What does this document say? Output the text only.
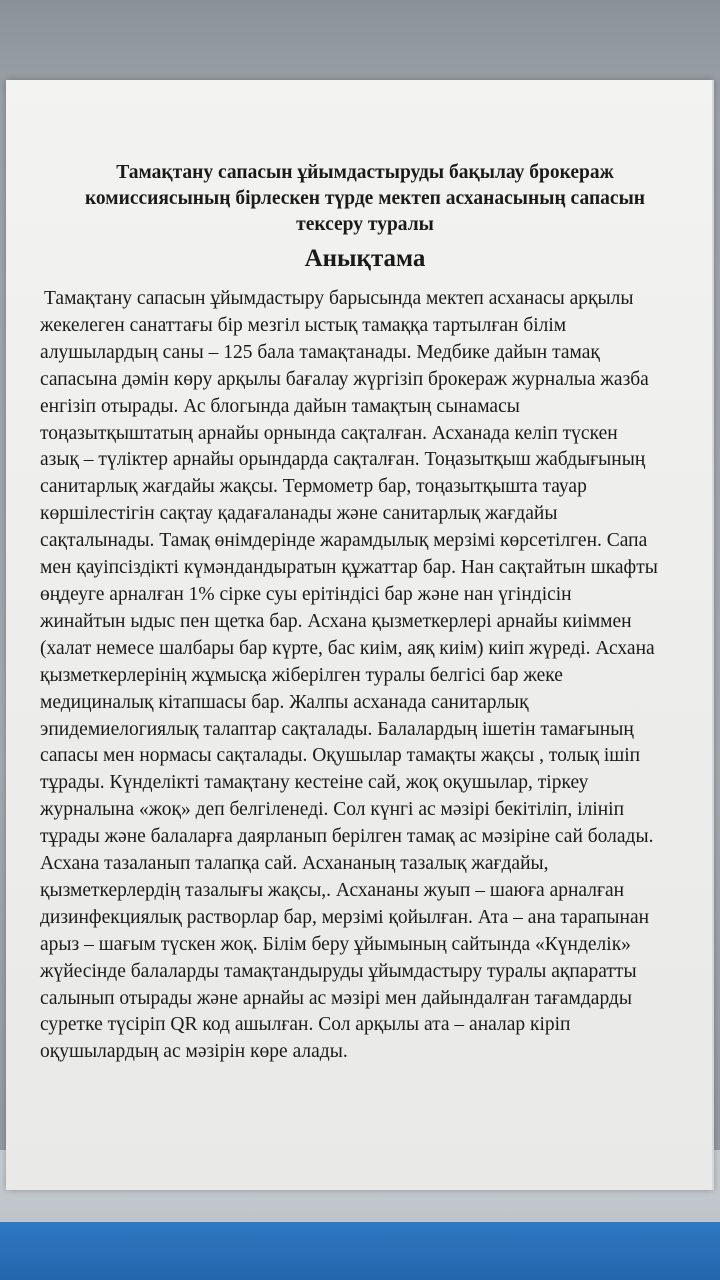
Тамақтану сапасын ұйымдастыруды бақылау брокераж
комиссиясының бірлескен түрде мектеп асханасының сапасын
тексеру туралы

Анықтама

Тамақтану сапасын ұйымдастыру барысында мектеп асханасы арқылы
жекелеген санаттағы бір мезгіл ыстық тамаққа тартылған білім
алушылардың саны – 125 бала тамақтанады. Медбике дайын тамақ
сапасына дәмін көру арқылы бағалау жүргізіп брокераж журналыа жазба
енгізіп отырады. Ас блогында дайын тамақтың сынамасы
тоңазытқыштатың арнайы орнында сақталған. Асханада келіп түскен
азық – түліктер арнайы орындарда сақталған. Тоңазытқыш жабдығының
санитарлық жағдайы жақсы. Термометр бар, тоңазытқышта тауар
көршілестігін сақтау қадағаланады және санитарлық жағдайы
сақталынады. Тамақ өнімдерінде жарамдылық мерзімі көрсетілген. Сапа
мен қауіпсіздікті күмәндандыратын құжаттар бар. Нан сақтайтын шкафты
өңдеуге арналған 1% сірке суы ерітіндісі бар және нан үгіндісін
жинайтын ыдыс пен щетка бар. Асхана қызметкерлері арнайы киіммен
(халат немесе шалбары бар күрте, бас киім, аяқ киім) киіп жүреді. Асхана
қызметкерлерінің жұмысқа жіберілген туралы белгісі бар жеке
медициналық кітапшасы бар. Жалпы асханада санитарлық
эпидемиелогиялық талаптар сақталады. Балалардың ішетін тамағының
сапасы мен нормасы сақталады. Оқушылар тамақты жақсы , толық ішіп
тұрады. Күнделікті тамақтану кестеіне сай, жоқ оқушылар, тіркеу
журналына «жоқ» деп белгіленеді. Сол күнгі ас мәзірі бекітіліп, ілініп
тұрады және балаларға даярланып берілген тамақ ас мәзіріне сай болады.
Асхана тазаланып талапқа сай. Асхананың тазалық жағдайы,
қызметкерлердің тазалығы жақсы,. Асхананы жуып – шаюға арналған
дизинфекциялық растворлар бар, мерзімі қойылған. Ата – ана тарапынан
арыз – шағым түскен жоқ. Білім беру ұйымының сайтында «Күнделік»
жүйесінде балаларды тамақтандыруды ұйымдастыру туралы ақпаратты
салынып отырады және арнайы ас мәзірі мен дайындалған тағамдарды
суретке түсіріп QR код ашылған. Сол арқылы ата – аналар кіріп
оқушылардың ас мәзірін көре алады.
